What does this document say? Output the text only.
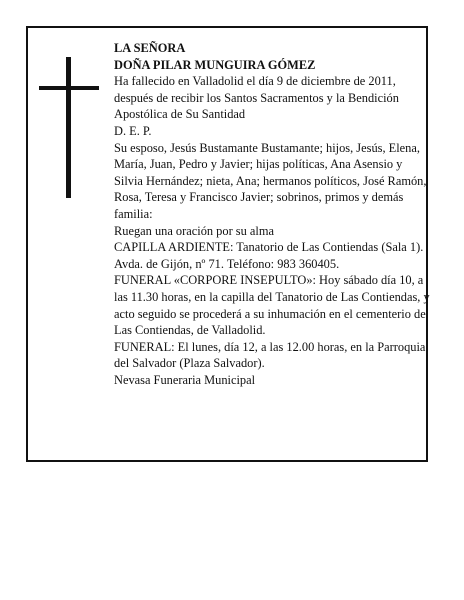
LA SEÑORA

DOÑA PILAR MUNGUIRA GÓMEZ

Ha fallecido en Valladolid el día 9 de diciembre de 2011, después de recibir los Santos Sacramentos y la Bendición Apostólica de Su Santidad

D. E. P.

Su esposo, Jesús Bustamante Bustamante; hijos, Jesús, Elena, María, Juan, Pedro y Javier; hijas políticas, Ana Asensio y Silvia Hernández; nieta, Ana; hermanos políticos, José Ramón, Rosa, Teresa y Francisco Javier; sobrinos, primos y demás familia:

Ruegan una oración por su alma

CAPILLA ARDIENTE: Tanatorio de Las Contiendas (Sala 1). Avda. de Gijón, nº 71. Teléfono: 983 360405.

FUNERAL «CORPORE INSEPULTO»: Hoy sábado día 10, a las 11.30 horas, en la capilla del Tanatorio de Las Contiendas, y acto seguido se procederá a su inhumación en el cementerio de Las Contiendas, de Valladolid.

FUNERAL: El lunes, día 12, a las 12.00 horas, en la Parroquia del Salvador (Plaza Salvador).

Nevasa Funeraria Municipal
